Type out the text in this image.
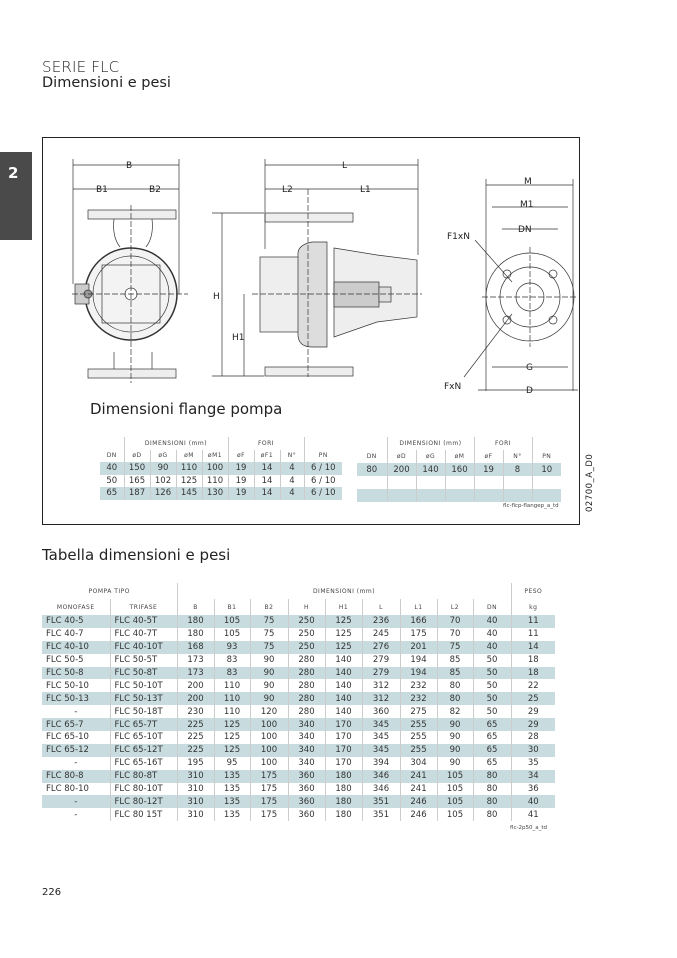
SERIE FLC
Dimensioni e pesi
2	B
B1	B2
L
L2	L1
H
H1
M
M1
DN
F1xN
FxN
G
D
02700_A_D0
Dimensioni flange pompa
	DIMENSIONI (mm)				FORI			
DN	øD	øG	øM	øM1	øF	øF1	N°	PN
40	150	90	110	100	19	14	4	6 / 10
50	165	102	125	110	19	14	4	6 / 10
65	187	126	145	130	19	14	4	6 / 10
	DIMENSIONI (mm)			FORI		
DN	øD	øG	øM	øF	N°	PN
80	200	140	160	19	8	10

flc-flcp-flangep_a_td
Tabella dimensioni e pesi
POMPA TIPO		DIMENSIONI (mm)									PESO
MONOFASE	TRIFASE	B	B1	B2	H	H1	L	L1	L2	DN	kg
FLC 40-5	FLC 40-5T	180	105	75	250	125	236	166	70	40	11
FLC 40-7	FLC 40-7T	180	105	75	250	125	245	175	70	40	11
FLC 40-10	FLC 40-10T	168	93	75	250	125	276	201	75	40	14
FLC 50-5	FLC 50-5T	173	83	90	280	140	279	194	85	50	18
FLC 50-8	FLC 50-8T	173	83	90	280	140	279	194	85	50	18
FLC 50-10	FLC 50-10T	200	110	90	280	140	312	232	80	50	22
FLC 50-13	FLC 50-13T	200	110	90	280	140	312	232	80	50	25
-	FLC 50-18T	230	110	120	280	140	360	275	82	50	29
FLC 65-7	FLC 65-7T	225	125	100	340	170	345	255	90	65	29
FLC 65-10	FLC 65-10T	225	125	100	340	170	345	255	90	65	28
FLC 65-12	FLC 65-12T	225	125	100	340	170	345	255	90	65	30
-	FLC 65-16T	195	95	100	340	170	394	304	90	65	35
FLC 80-8	FLC 80-8T	310	135	175	360	180	346	241	105	80	34
FLC 80-10	FLC 80-10T	310	135	175	360	180	346	241	105	80	36
-	FLC 80-12T	310	135	175	360	180	351	246	105	80	40
-	FLC 80 15T	310	135	175	360	180	351	246	105	80	41
flc-2p50_a_td
226
